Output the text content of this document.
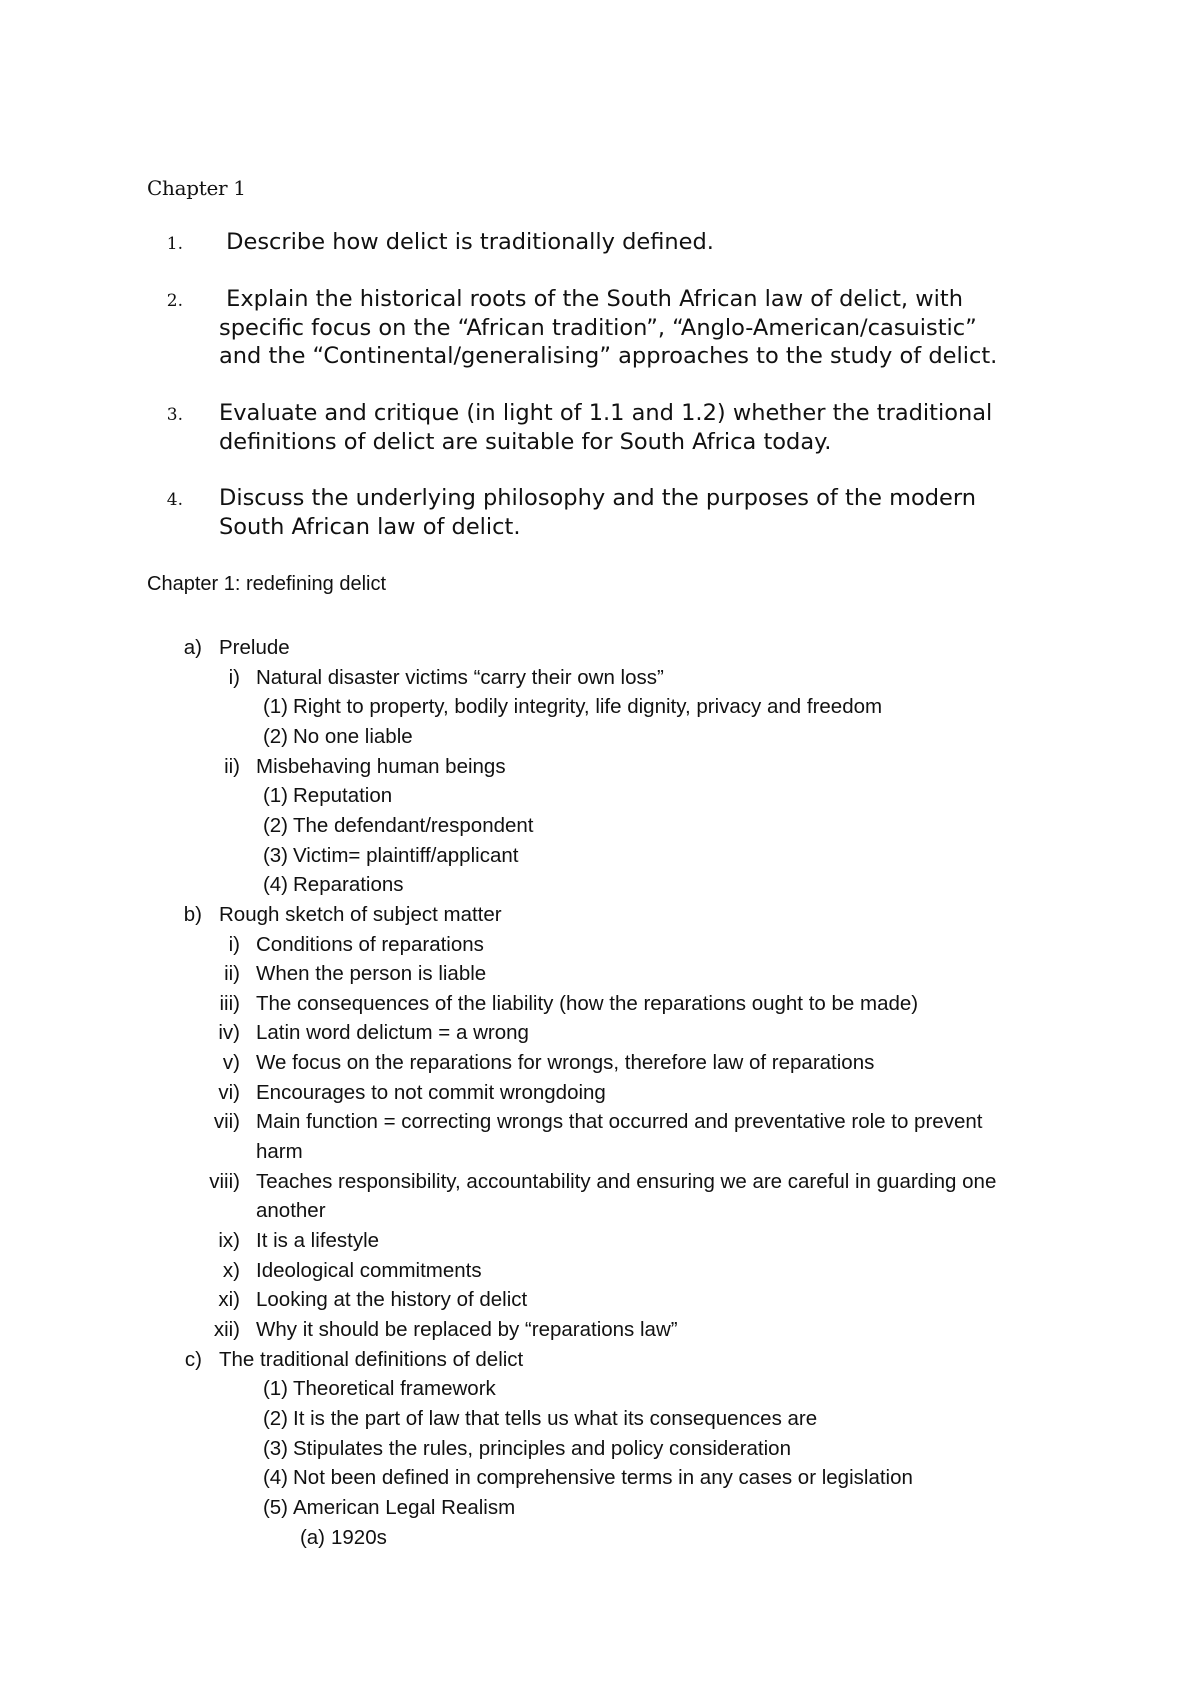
Chapter 1
1. Describe how delict is traditionally defined.
2. Explain the historical roots of the South African law of delict, with
specific focus on the “African tradition”, “Anglo-American/casuistic”
and the “Continental/generalising” approaches to the study of delict.
3. Evaluate and critique (in light of 1.1 and 1.2) whether the traditional
definitions of delict are suitable for South Africa today.
4. Discuss the underlying philosophy and the purposes of the modern
South African law of delict.
Chapter 1: redefining delict
a) Prelude
i) Natural disaster victims “carry their own loss”
(1) Right to property, bodily integrity, life dignity, privacy and freedom
(2) No one liable
ii) Misbehaving human beings
(1) Reputation
(2) The defendant/respondent
(3) Victim= plaintiff/applicant
(4) Reparations
b) Rough sketch of subject matter
i) Conditions of reparations
ii) When the person is liable
iii) The consequences of the liability (how the reparations ought to be made)
iv) Latin word delictum = a wrong
v) We focus on the reparations for wrongs, therefore law of reparations
vi) Encourages to not commit wrongdoing
vii) Main function = correcting wrongs that occurred and preventative role to prevent
harm
viii) Teaches responsibility, accountability and ensuring we are careful in guarding one
another
ix) It is a lifestyle
x) Ideological commitments
xi) Looking at the history of delict
xii) Why it should be replaced by “reparations law”
c) The traditional definitions of delict
(1) Theoretical framework
(2) It is the part of law that tells us what its consequences are
(3) Stipulates the rules, principles and policy consideration
(4) Not been defined in comprehensive terms in any cases or legislation
(5) American Legal Realism
(a) 1920s
